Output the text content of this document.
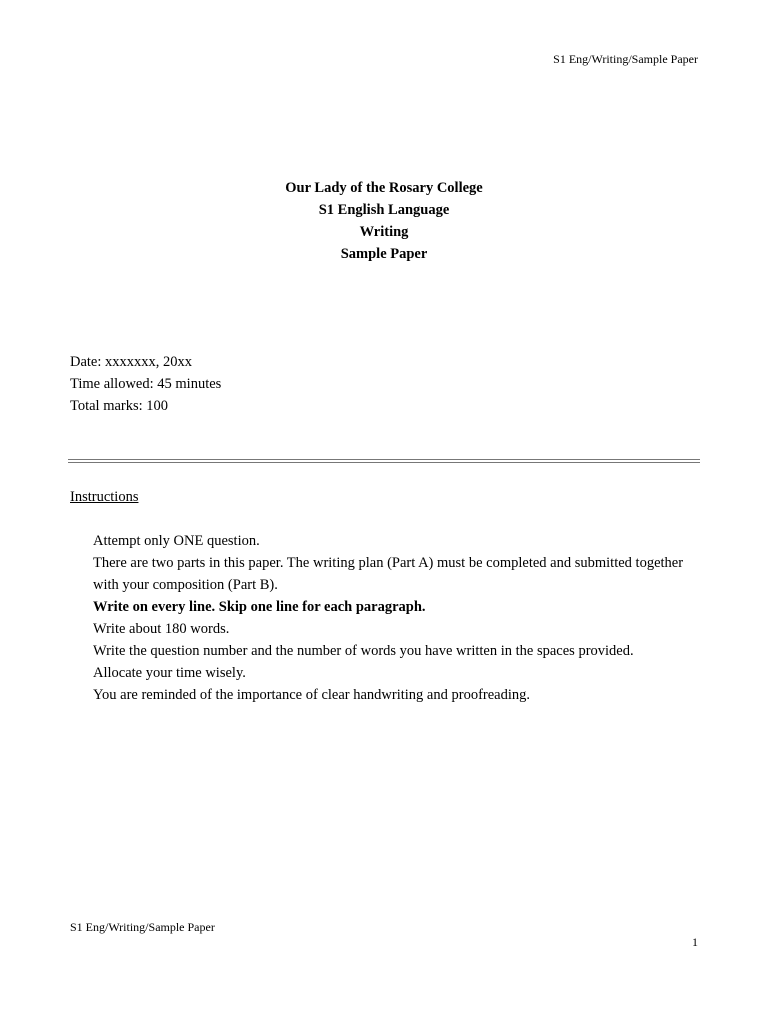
S1 Eng/Writing/Sample Paper
Our Lady of the Rosary College
S1 English Language
Writing
Sample Paper
Date: xxxxxxx, 20xx
Time allowed: 45 minutes
Total marks: 100
Instructions
Attempt only ONE question.
There are two parts in this paper. The writing plan (Part A) must be completed and submitted together with your composition (Part B).
Write on every line. Skip one line for each paragraph.
Write about 180 words.
Write the question number and the number of words you have written in the spaces provided.
Allocate your time wisely.
You are reminded of the importance of clear handwriting and proofreading.
S1 Eng/Writing/Sample Paper
1
